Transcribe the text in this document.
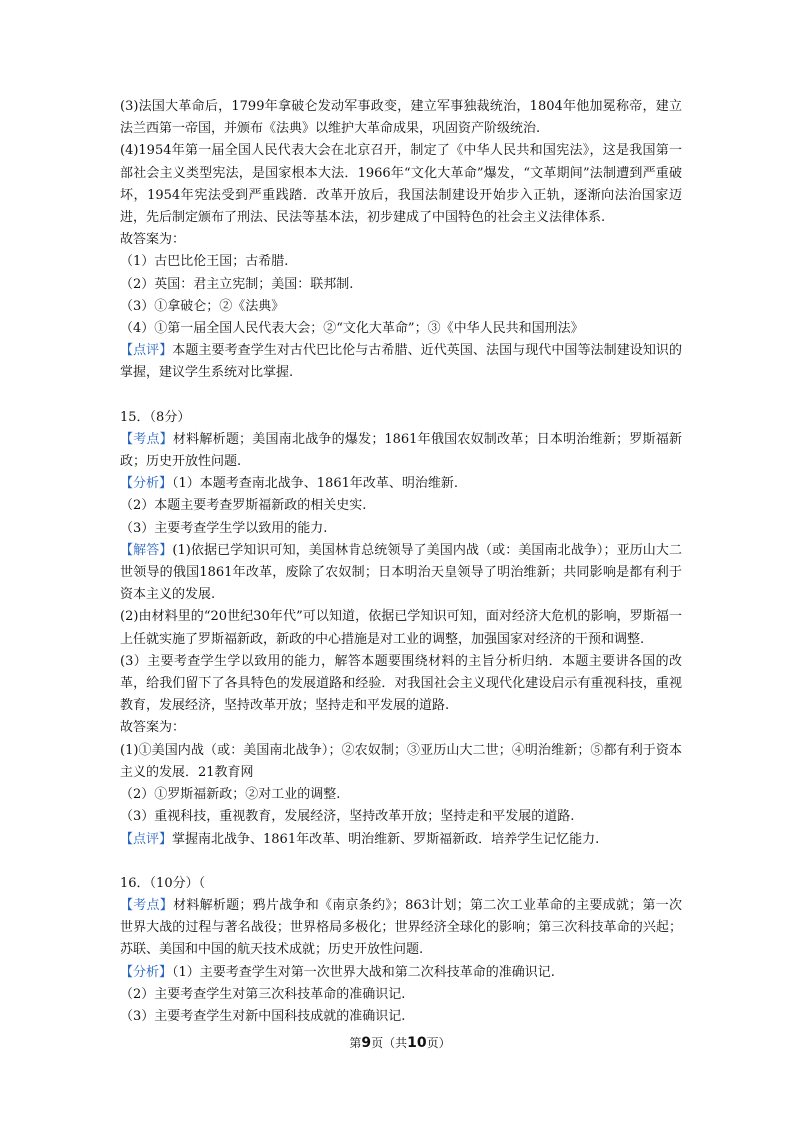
(3)法国大革命后，1799年拿破仑发动军事政变，建立军事独裁统治，1804年他加冕称帝，建立法兰西第一帝国，并颁布《法典》以维护大革命成果，巩固资产阶级统治.

(4)1954年第一届全国人民代表大会在北京召开，制定了《中华人民共和国宪法》，这是我国第一部社会主义类型宪法，是国家根本大法．1966年“文化大革命”爆发，“文革期间”法制遭到严重破坏，1954年宪法受到严重践踏．改革开放后，我国法制建设开始步入正轨，逐渐向法治国家迈进，先后制定颁布了刑法、民法等基本法，初步建成了中国特色的社会主义法律体系.

故答案为：

（1）古巴比伦王国；古希腊.

（2）英国：君主立宪制；美国：联邦制.

（3）①拿破仑；②《法典》

（4）①第一届全国人民代表大会；②“文化大革命”；③《中华人民共和国刑法》

【点评】本题主要考查学生对古代巴比伦与古希腊、近代英国、法国与现代中国等法制建设知识的掌握，建议学生系统对比掌握.

15．（8分）

【考点】材料解析题；美国南北战争的爆发；1861年俄国农奴制改革；日本明治维新；罗斯福新政；历史开放性问题.

【分析】（1）本题考查南北战争、1861年改革、明治维新.

（2）本题主要考查罗斯福新政的相关史实.

（3）主要考查学生学以致用的能力.

【解答】(1)依据已学知识可知，美国林肯总统领导了美国内战（或：美国南北战争）；亚历山大二世领导的俄国1861年改革，废除了农奴制；日本明治天皇领导了明治维新；共同影响是都有利于资本主义的发展.

(2)由材料里的“20世纪30年代”可以知道，依据已学知识可知，面对经济大危机的影响，罗斯福一上任就实施了罗斯福新政，新政的中心措施是对工业的调整，加强国家对经济的干预和调整.

(3）主要考查学生学以致用的能力，解答本题要围绕材料的主旨分析归纳．本题主要讲各国的改革，给我们留下了各具特色的发展道路和经验．对我国社会主义现代化建设启示有重视科技，重视教育，发展经济，坚持改革开放；坚持走和平发展的道路.

故答案为：

(1)①美国内战（或：美国南北战争）；②农奴制；③亚历山大二世；④明治维新；⑤都有利于资本主义的发展．21教育网

（2）①罗斯福新政；②对工业的调整.

（3）重视科技，重视教育，发展经济，坚持改革开放；坚持走和平发展的道路.

【点评】掌握南北战争、1861年改革、明治维新、罗斯福新政．培养学生记忆能力.

16．（10分）（

【考点】材料解析题；鸦片战争和《南京条约》；863计划；第二次工业革命的主要成就；第一次世界大战的过程与著名战役；世界格局多极化；世界经济全球化的影响；第三次科技革命的兴起；苏联、美国和中国的航天技术成就；历史开放性问题.

【分析】（1）主要考查学生对第一次世界大战和第二次科技革命的准确识记.

（2）主要考查学生对第三次科技革命的准确识记.

（3）主要考查学生对新中国科技成就的准确识记.

第9页（共10页）
